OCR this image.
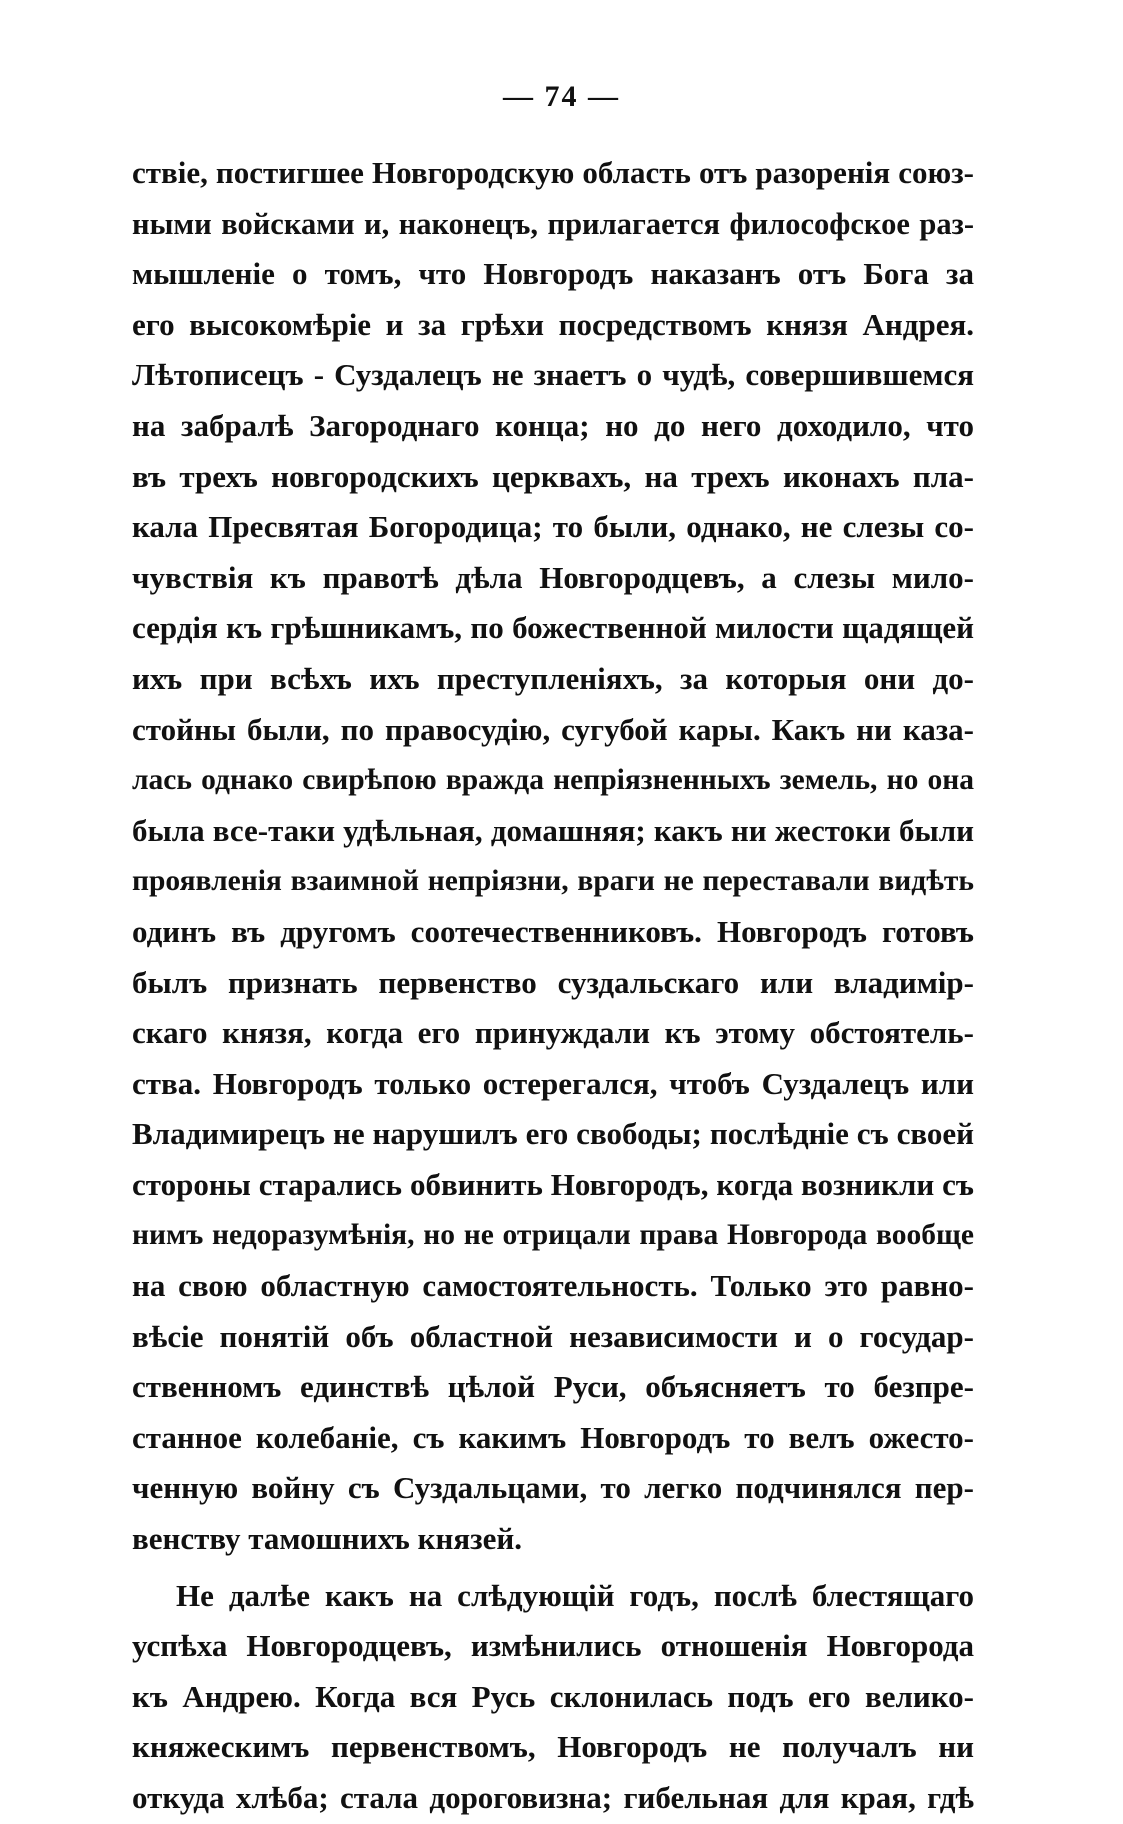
— 74 —
ствіе, постигшее Новгородскую область отъ разоренія союз-
ными войсками и, наконецъ, прилагается философское раз-
мышленіе о томъ, что Новгородъ наказанъ отъ Бога за
его высокомѣріе и за грѣхи посредствомъ князя Андрея.
Лѣтописецъ - Суздалецъ не знаетъ о чудѣ, совершившемся
на забралѣ Загороднаго конца; но до него доходило, что
въ трехъ новгородскихъ церквахъ, на трехъ иконахъ пла-
кала Пресвятая Богородица; то были, однако, не слезы со-
чувствія къ правотѣ дѣла Новгородцевъ, а слезы мило-
сердія къ грѣшникамъ, по божественной милости щадящей
ихъ при всѣхъ ихъ преступленіяхъ, за которыя они до-
стойны были, по правосудію, сугубой кары. Какъ ни каза-
лась однако свирѣпою вражда непріязненныхъ земель, но она
была все-таки удѣльная, домашняя; какъ ни жестоки были
проявленія взаимной непріязни, враги не переставали видѣть
одинъ въ другомъ соотечественниковъ. Новгородъ готовъ
былъ признать первенство суздальскаго или владимір-
скаго князя, когда его принуждали къ этому обстоятель-
ства. Новгородъ только остерегался, чтобъ Суздалецъ или
Владимирецъ не нарушилъ его свободы; послѣдніе съ своей
стороны старались обвинить Новгородъ, когда возникли съ
нимъ недоразумѣнія, но не отрицали права Новгорода вообще
на свою областную самостоятельность. Только это равно-
вѣсіе понятій объ областной независимости и о государ-
ственномъ единствѣ цѣлой Руси, объясняетъ то безпре-
станное колебаніе, съ какимъ Новгородъ то велъ ожесто-
ченную войну съ Суздальцами, то легко подчинялся пер-
венству тамошнихъ князей.
Не далѣе какъ на слѣдующій годъ, послѣ блестящаго
успѣха Новгородцевъ, измѣнились отношенія Новгорода
къ Андрею. Когда вся Русь склонилась подъ его велико-
княжескимъ первенствомъ, Новгородъ не получалъ ни
откуда хлѣба; стала дороговизна; гибельная для края, гдѣ
